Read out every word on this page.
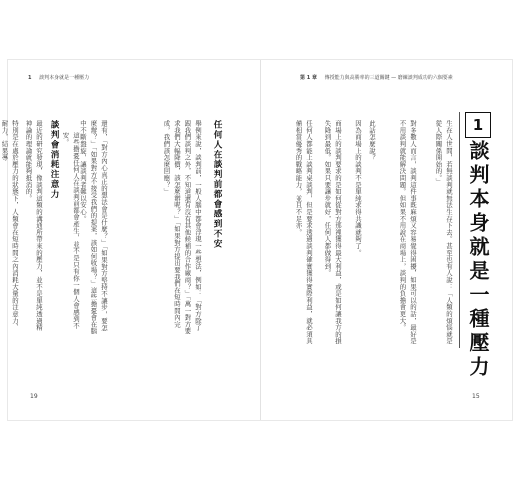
1 談判本身就是一種壓力
任何人在談判前都會感到不安
舉例來說，談判前，一般人腦中都會浮現一些想法，例如：「對方除了跟我們談判之外，不知道還有沒有其他候補的合作廠商？」「萬一對方要求我們大幅降價，該怎麼辦呢？」「如果對方提出要我們在短時間內完成，我們該怎麼回應？」
還有，「對方內心真正的想法會是什麼？」「如果對方堅持不讓步，要怎麼辦？」「如果對方不接受我們的提案，該如何收場？」這些擔憂會在腦中不斷盤旋，讓談判者難以安心。
這些擔憂任何人在談判前都會產生，並不是只有你一個人會感到不安。
談判會消耗注意力
最近的研究發現，像談判這類的溝通所帶來的壓力，並不是單純透過精神論的理論就能夠抵消的。
特別是在處於壓力的狀態下，人類會在短時間之內消耗大量的注意力、耐力，結果導
19
第 1 章 傳授能力與高勝率的三道關鍵 — 磨練談判成功的六個要素
1
談判本身就是一種壓力
生在人世間，若無談判就無法生存下去。甚至也有人說：「人類的煩惱就是從人際關係開始的。」
對多數人而言，談判這件事既麻煩又容易覺得困擾，如果可以的話，最好是不用談判就能解決問題。但如果不用說在商場上，談判的負擔會更大。
此話怎麼說？
因為商場上的談判不是單純求得共識就夠了。
商場上的談判要求的是如何從對方那裡獲得最大利益，或是如何讓我方的損失降到最低。如果只要讓步就好，任何人都做得到。
任何人都能上談判桌談判，但是要求透過談判確實獲得實際利益，就必須具備相當優秀的戰略能力，並且不足亦。
15
